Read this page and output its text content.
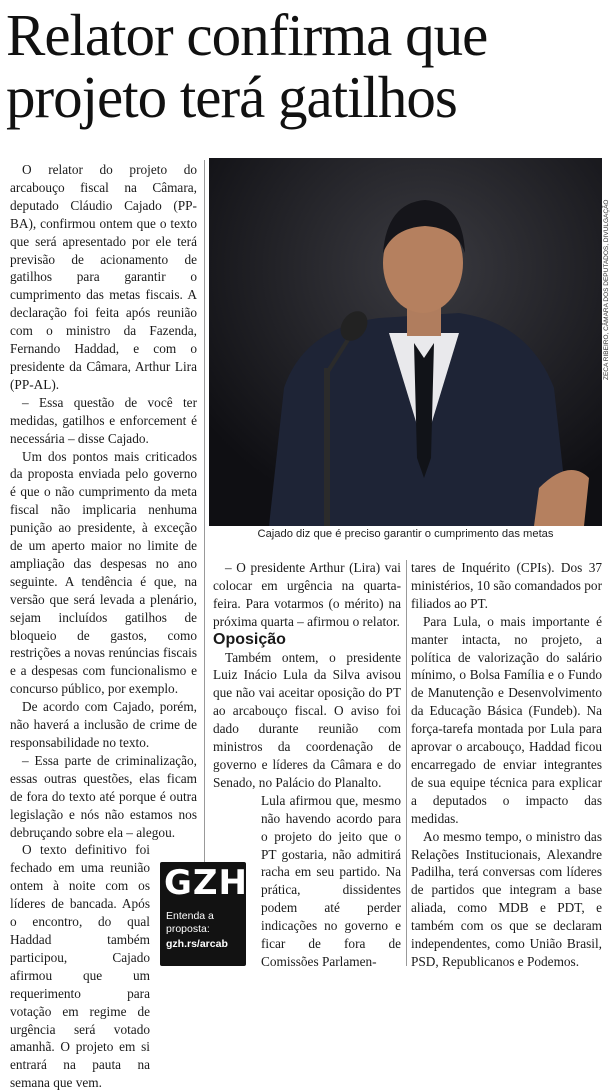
Relator confirma que
projeto terá gatilhos

O relator do projeto do arcabouço fiscal na Câmara, deputado Cláudio Cajado (PP-BA), confirmou ontem que o texto que será apresentado por ele terá previsão de acionamento de gatilhos para garantir o cumprimento das metas fiscais. A declaração foi feita após reunião com o ministro da Fazenda, Fernando Haddad, e com o presidente da Câmara, Arthur Lira (PP-AL).

– Essa questão de você ter medidas, gatilhos e enforcement é necessária – disse Cajado.

Um dos pontos mais criticados da proposta enviada pelo governo é que o não cumprimento da meta fiscal não implicaria nenhuma punição ao presidente, à exceção de um aperto maior no limite de ampliação das despesas no ano seguinte. A tendência é que, na versão que será levada a plenário, sejam incluídos gatilhos de bloqueio de gastos, como restrições a novas renúncias fiscais e a despesas com funcionalismo e concurso público, por exemplo.

De acordo com Cajado, porém, não haverá a inclusão de crime de responsabilidade no texto.

– Essa parte de criminalização, essas outras questões, elas ficam de fora do texto até porque é outra legislação e nós não estamos nos debruçando sobre ela – alegou.

O texto definitivo foi fechado em uma reunião ontem à noite com os líderes de bancada. Após o encontro, do qual Haddad também participou, Cajado afirmou que um requerimento para votação em regime de urgência será votado amanhã. O projeto em si entrará na pauta na semana que vem.

ZECA RIBEIRO, CÂMARA DOS DEPUTADOS, DIVULGAÇÃO
Cajado diz que é preciso garantir o cumprimento das metas

– O presidente Arthur (Lira) vai colocar em urgência na quarta-feira. Para votarmos (o mérito) na próxima quarta – afirmou o relator.

Oposição

Também ontem, o presidente Luiz Inácio Lula da Silva avisou que não vai aceitar oposição do PT ao arcabouço fiscal. O aviso foi dado durante reunião com ministros da coordenação de governo e líderes da Câmara e do Senado, no Palácio do Planalto.

Lula afirmou que, mesmo não havendo acordo para o projeto do jeito que o PT gostaria, não admitirá racha em seu partido. Na prática, dissidentes podem até perder indicações no governo e ficar de fora de Comissões Parlamen-

tares de Inquérito (CPIs). Dos 37 ministérios, 10 são comandados por filiados ao PT.

Para Lula, o mais importante é manter intacta, no projeto, a política de valorização do salário mínimo, o Bolsa Família e o Fundo de Manutenção e Desenvolvimento da Educação Básica (Fundeb). Na força-tarefa montada por Lula para aprovar o arcabouço, Haddad ficou encarregado de enviar integrantes de sua equipe técnica para explicar a deputados o impacto das medidas.

Ao mesmo tempo, o ministro das Relações Institucionais, Alexandre Padilha, terá conversas com líderes de partidos que integram a base aliada, como MDB e PDT, e também com os que se declaram independentes, como União Brasil, PSD, Republicanos e Podemos.

GZH
Entenda a proposta:
gzh.rs/arcab
